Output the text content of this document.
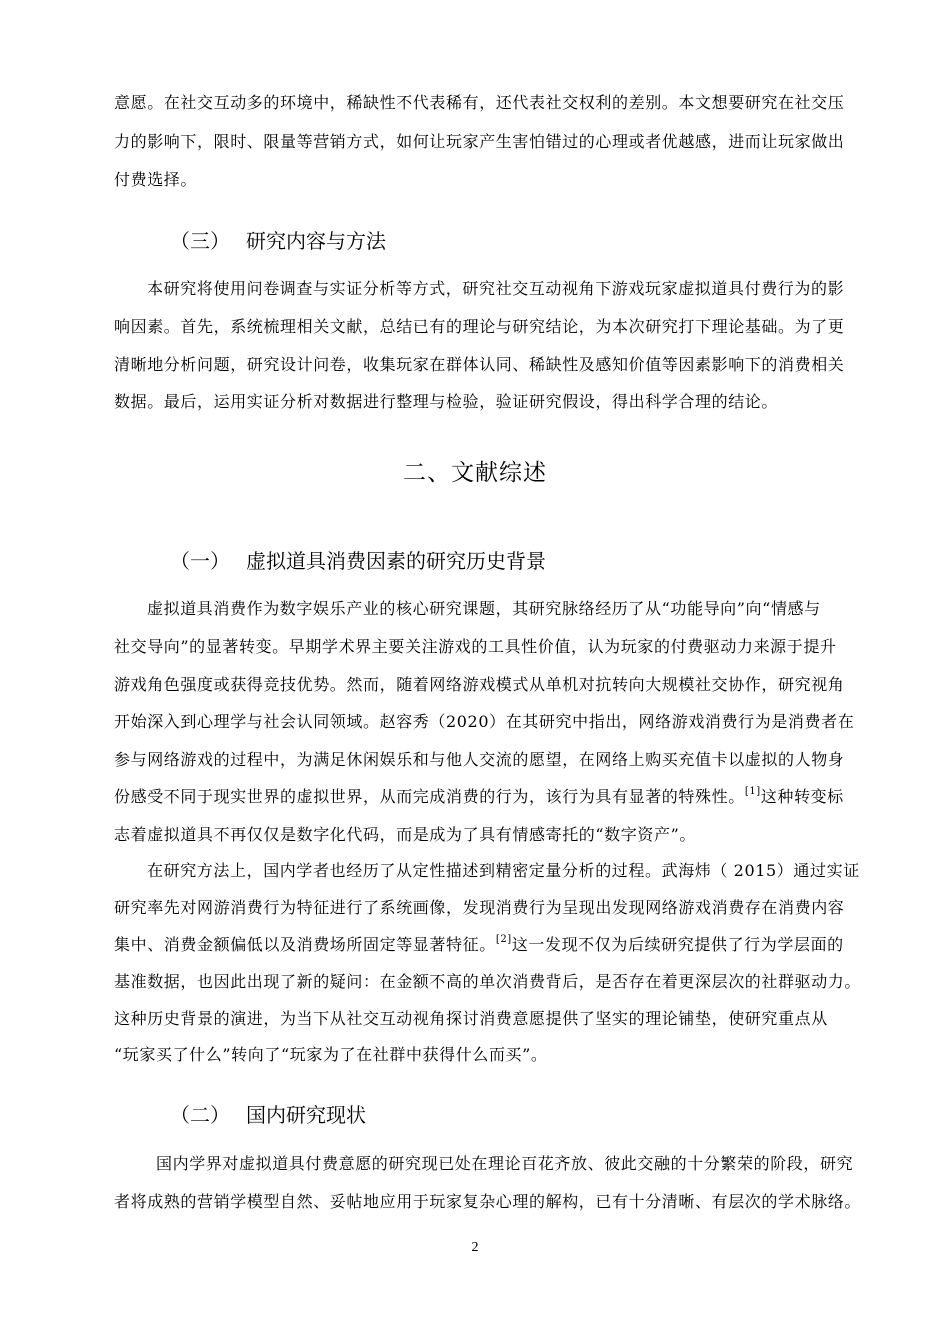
意愿。在社交互动多的环境中，稀缺性不代表稀有，还代表社交权利的差别。本文想要研究在社交压
力的影响下，限时、限量等营销方式，如何让玩家产生害怕错过的心理或者优越感，进而让玩家做出
付费选择。
（三） 研究内容与方法
本研究将使用问卷调查与实证分析等方式，研究社交互动视角下游戏玩家虚拟道具付费行为的影
响因素。首先，系统梳理相关文献，总结已有的理论与研究结论，为本次研究打下理论基础。为了更
清晰地分析问题，研究设计问卷，收集玩家在群体认同、稀缺性及感知价值等因素影响下的消费相关
数据。最后，运用实证分析对数据进行整理与检验，验证研究假设，得出科学合理的结论。
二、文献综述
（一） 虚拟道具消费因素的研究历史背景
虚拟道具消费作为数字娱乐产业的核心研究课题，其研究脉络经历了从“功能导向”向“情感与
社交导向”的显著转变。早期学术界主要关注游戏的工具性价值，认为玩家的付费驱动力来源于提升
游戏角色强度或获得竞技优势。然而，随着网络游戏模式从单机对抗转向大规模社交协作，研究视角
开始深入到心理学与社会认同领域。赵容秀（2020）在其研究中指出，网络游戏消费行为是消费者在
参与网络游戏的过程中，为满足休闲娱乐和与他人交流的愿望，在网络上购买充值卡以虚拟的人物身
份感受不同于现实世界的虚拟世界，从而完成消费的行为，该行为具有显著的特殊性。[1]这种转变标
志着虚拟道具不再仅仅是数字化代码，而是成为了具有情感寄托的“数字资产”。
在研究方法上，国内学者也经历了从定性描述到精密定量分析的过程。武海炜（ 2015）通过实证
研究率先对网游消费行为特征进行了系统画像，发现消费行为呈现出发现网络游戏消费存在消费内容
集中、消费金额偏低以及消费场所固定等显著特征。[2]这一发现不仅为后续研究提供了行为学层面的
基准数据，也因此出现了新的疑问：在金额不高的单次消费背后，是否存在着更深层次的社群驱动力。
这种历史背景的演进，为当下从社交互动视角探讨消费意愿提供了坚实的理论铺垫，使研究重点从
“玩家买了什么”转向了“玩家为了在社群中获得什么而买”。
（二） 国内研究现状
国内学界对虚拟道具付费意愿的研究现已处在理论百花齐放、彼此交融的十分繁荣的阶段，研究
者将成熟的营销学模型自然、妥帖地应用于玩家复杂心理的解构，已有十分清晰、有层次的学术脉络。
2
